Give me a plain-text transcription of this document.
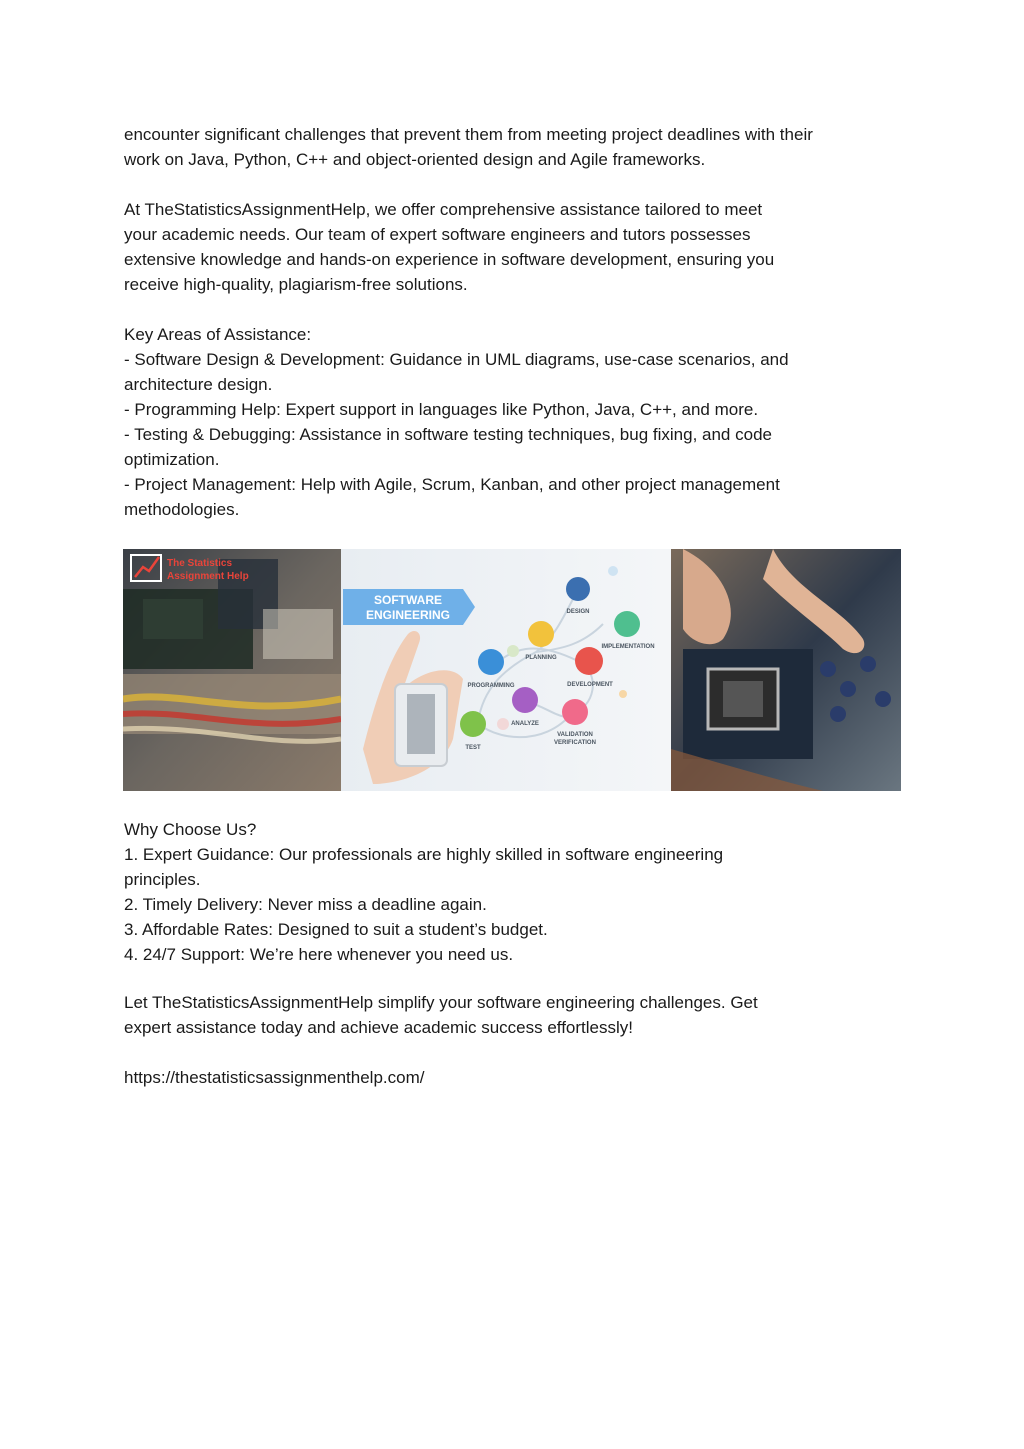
encounter significant challenges that prevent them from meeting project deadlines with their
work on Java, Python, C++ and object-oriented design and Agile frameworks.
At TheStatisticsAssignmentHelp, we offer comprehensive assistance tailored to meet
your academic needs. Our team of expert software engineers and tutors possesses
extensive knowledge and hands-on experience in software development, ensuring you
receive high-quality, plagiarism-free solutions.
Key Areas of Assistance:
- Software Design & Development: Guidance in UML diagrams, use-case scenarios, and
architecture design.
- Programming Help: Expert support in languages like Python, Java, C++, and more.
- Testing & Debugging: Assistance in software testing techniques, bug fixing, and code
optimization.
- Project Management: Help with Agile, Scrum, Kanban, and other project management
methodologies.
The Statistics
Assignment Help
SOFTWARE
ENGINEERING	DESIGN
IMPLEMENTATION
PLANNING
DEVELOPMENT
PROGRAMMING
ANALYZE
TEST
VALIDATION
VERIFICATION
Why Choose Us?
1. Expert Guidance: Our professionals are highly skilled in software engineering
principles.
2. Timely Delivery: Never miss a deadline again.
3. Affordable Rates: Designed to suit a student’s budget.
4. 24/7 Support: We’re here whenever you need us.
Let TheStatisticsAssignmentHelp simplify your software engineering challenges. Get
expert assistance today and achieve academic success effortlessly!
https://thestatisticsassignmenthelp.com/
